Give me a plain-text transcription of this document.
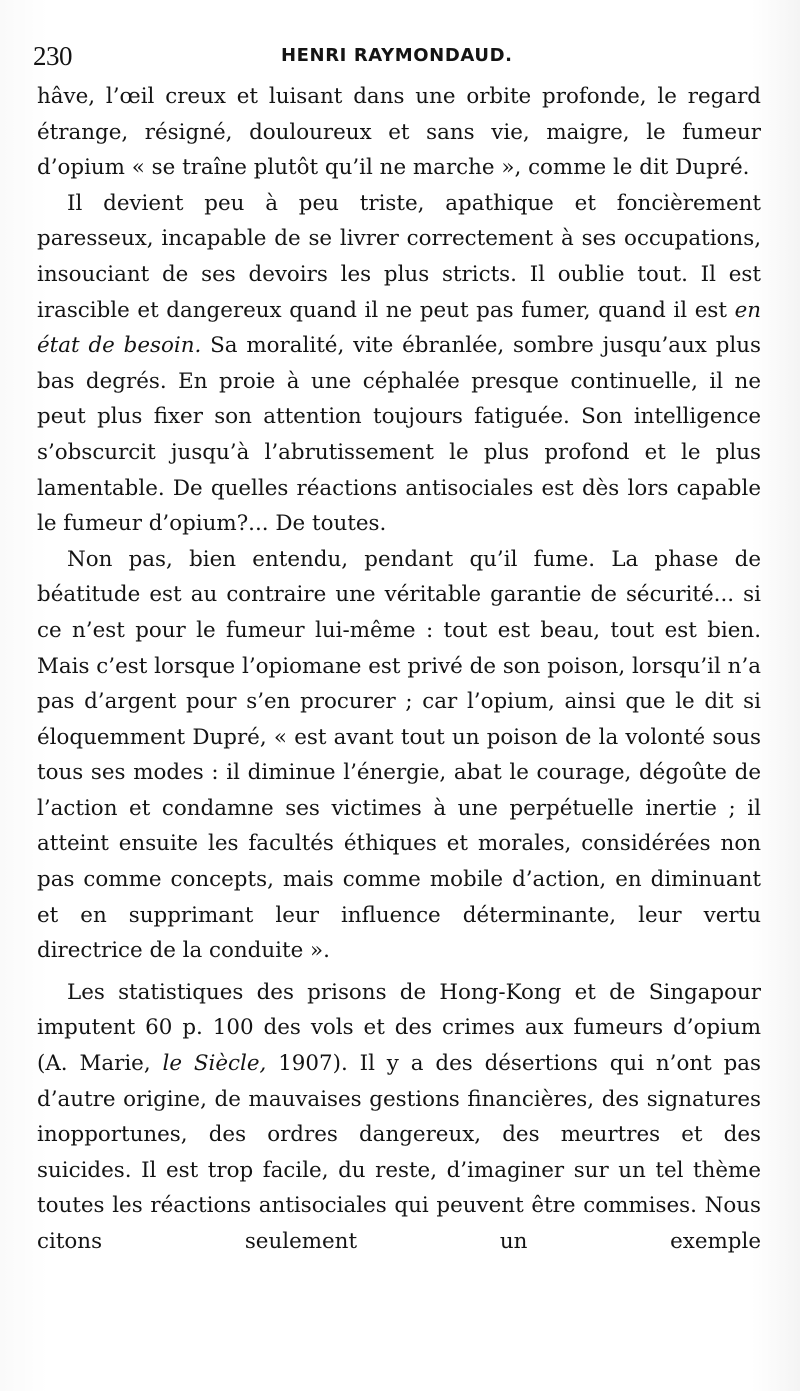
230	HENRI RAYMONDAUD.

hâve, l’œil creux et luisant dans une orbite profonde, le regard étrange, résigné, douloureux et sans vie, maigre, le fumeur d’opium « se traîne plutôt qu’il ne marche », comme le dit Dupré.

Il devient peu à peu triste, apathique et foncièrement paresseux, incapable de se livrer correctement à ses occupations, insouciant de ses devoirs les plus stricts. Il oublie tout. Il est irascible et dangereux quand il ne peut pas fumer, quand il est en état de besoin. Sa moralité, vite ébranlée, sombre jusqu’aux plus bas degrés. En proie à une céphalée presque continuelle, il ne peut plus fixer son attention toujours fatiguée. Son intelligence s’obscurcit jusqu’à l’abrutissement le plus profond et le plus lamentable. De quelles réactions antisociales est dès lors capable le fumeur d’opium?... De toutes.

Non pas, bien entendu, pendant qu’il fume. La phase de béatitude est au contraire une véritable garantie de sécurité... si ce n’est pour le fumeur lui-même : tout est beau, tout est bien. Mais c’est lorsque l’opiomane est privé de son poison, lorsqu’il n’a pas d’argent pour s’en procurer ; car l’opium, ainsi que le dit si éloquemment Dupré, « est avant tout un poison de la volonté sous tous ses modes : il diminue l’énergie, abat le courage, dégoûte de l’action et condamne ses victimes à une perpétuelle inertie ; il atteint ensuite les facultés éthiques et morales, considérées non pas comme concepts, mais comme mobile d’action, en diminuant et en supprimant leur influence déterminante, leur vertu directrice de la conduite ».

Les statistiques des prisons de Hong-Kong et de Singapour imputent 60 p. 100 des vols et des crimes aux fumeurs d’opium (A. Marie, le Siècle, 1907). Il y a des désertions qui n’ont pas d’autre origine, de mauvaises gestions financières, des signatures inopportunes, des ordres dangereux, des meurtres et des suicides. Il est trop facile, du reste, d’imaginer sur un tel thème toutes les réactions antisociales qui peuvent être commises. Nous citons seulement un exemple
